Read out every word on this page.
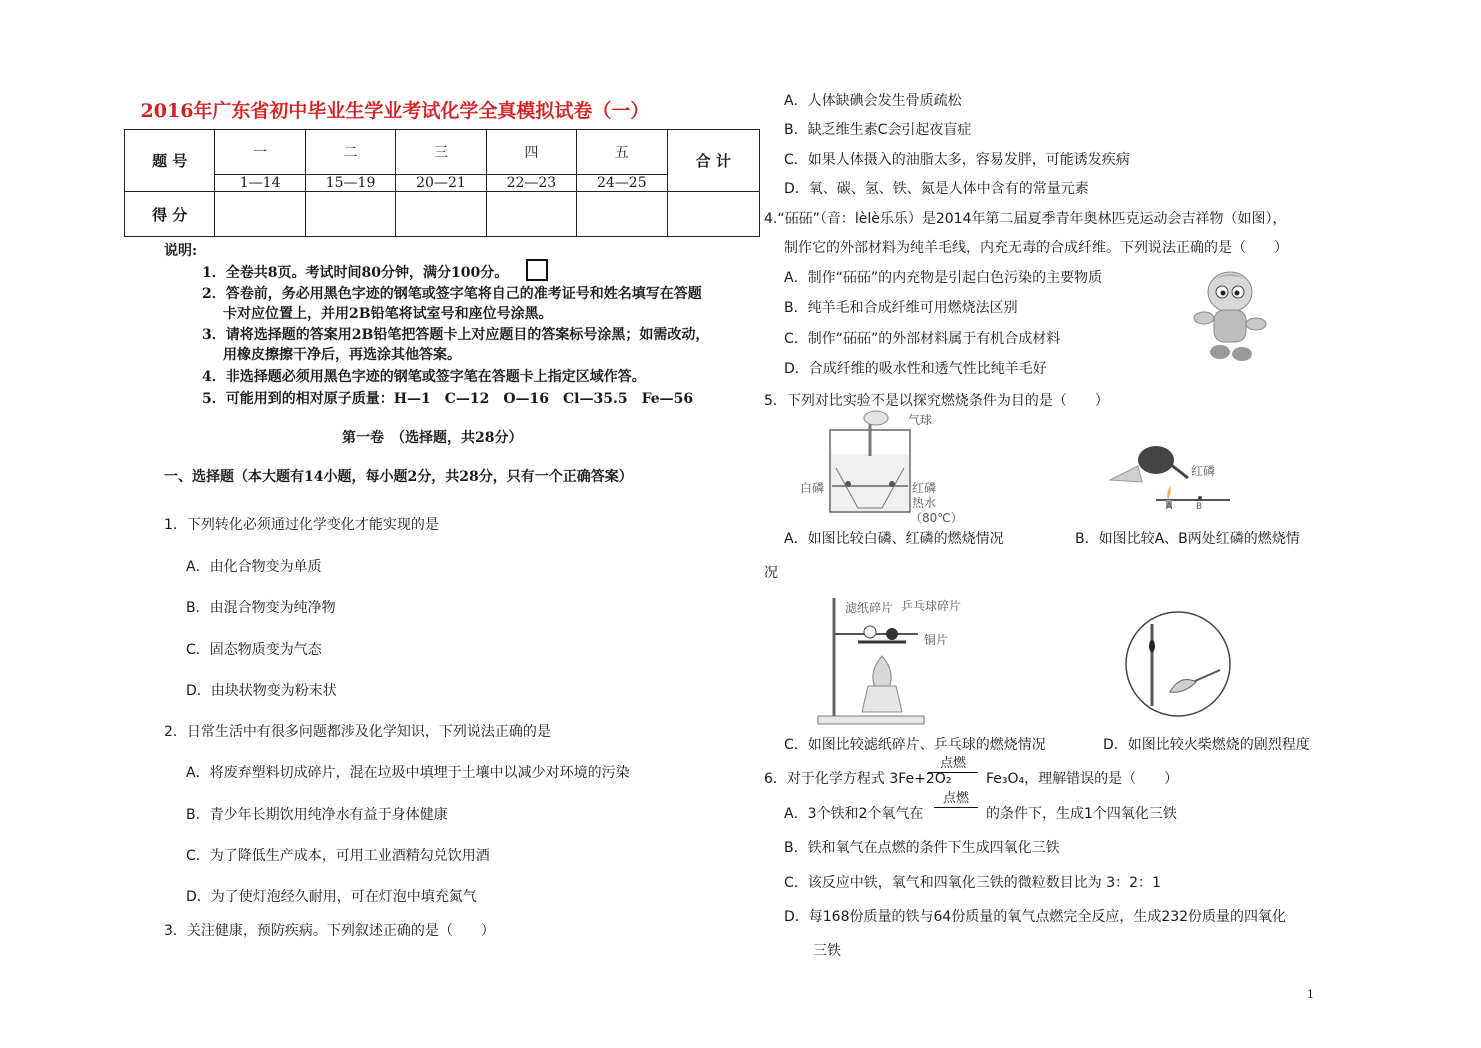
2016年广东省初中毕业生学业考试化学全真模拟试卷（一）
题 号	一	二	三	四	五	合 计
	1—14	15—19	20—21	22—23	24—25	
得 分						
说明:
1．全卷共8页。考试时间80分钟，满分100分。
2．答卷前，务必用黑色字迹的钢笔或签字笔将自己的准考证号和姓名填写在答题
卡对应位置上，并用2B铅笔将试室号和座位号涂黑。
3．请将选择题的答案用2B铅笔把答题卡上对应题目的答案标号涂黑；如需改动，
用橡皮擦擦干净后，再选涂其他答案。
4．非选择题必须用黑色字迹的钢笔或签字笔在答题卡上指定区域作答。
5．可能用到的相对原子质量：H—1　C—12　O—16　Cl—35.5　Fe—56
第一卷　（选择题，共28分）
一、选择题（本大题有14小题，每小题2分，共28分，只有一个正确答案）
1．下列转化必须通过化学变化才能实现的是
A．由化合物变为单质
B．由混合物变为纯净物
C．固态物质变为气态
D．由块状物变为粉末状
2．日常生活中有很多问题都涉及化学知识，下列说法正确的是
A．将废弃塑料切成碎片，混在垃圾中填埋于土壤中以减少对环境的污染
B．青少年长期饮用纯净水有益于身体健康
C．为了降低生产成本，可用工业酒精勾兑饮用酒
D．为了使灯泡经久耐用，可在灯泡中填充氮气
3．关注健康，预防疾病。下列叙述正确的是（　　）
A．人体缺碘会发生骨质疏松
B．缺乏维生素C会引起夜盲症
C．如果人体摄入的油脂太多，容易发胖，可能诱发疾病
D．氧、碳、氢、铁、氮是人体中含有的常量元素
4.“砳砳”（音：lèlè乐乐）是2014年第二届夏季青年奥林匹克运动会吉祥物（如图），
制作它的外部材料为纯羊毛线，内充无毒的合成纤维。下列说法正确的是（　　）
A．制作“砳砳”的内充物是引起白色污染的主要物质
B．纯羊毛和合成纤维可用燃烧法区别
C．制作“砳砳”的外部材料属于有机合成材料
D．合成纤维的吸水性和透气性比纯羊毛好
5．下列对比实验不是以探究燃烧条件为目的是（　　）
气球
白磷	红磷
热水
（80℃）
红磷
A	B
A．如图比较白磷、红磷的燃烧情况	B．如图比较A、B两处红磷的燃烧情
况
滤纸碎片 乒乓球碎片
铜片
C．如图比较滤纸碎片、乒乓球的燃烧情况	D．如图比较火柴燃烧的剧烈程度
6．对于化学方程式 3Fe+2O₂
点燃
Fe₃O₄，理解错误的是（　　）
A．3个铁和2个氧气在
点燃
的条件下，生成1个四氧化三铁
B．铁和氧气在点燃的条件下生成四氧化三铁
C．该反应中铁，氧气和四氧化三铁的微粒数目比为 3：2：1
D．每168份质量的铁与64份质量的氧气点燃完全反应，生成232份质量的四氧化
三铁
1
